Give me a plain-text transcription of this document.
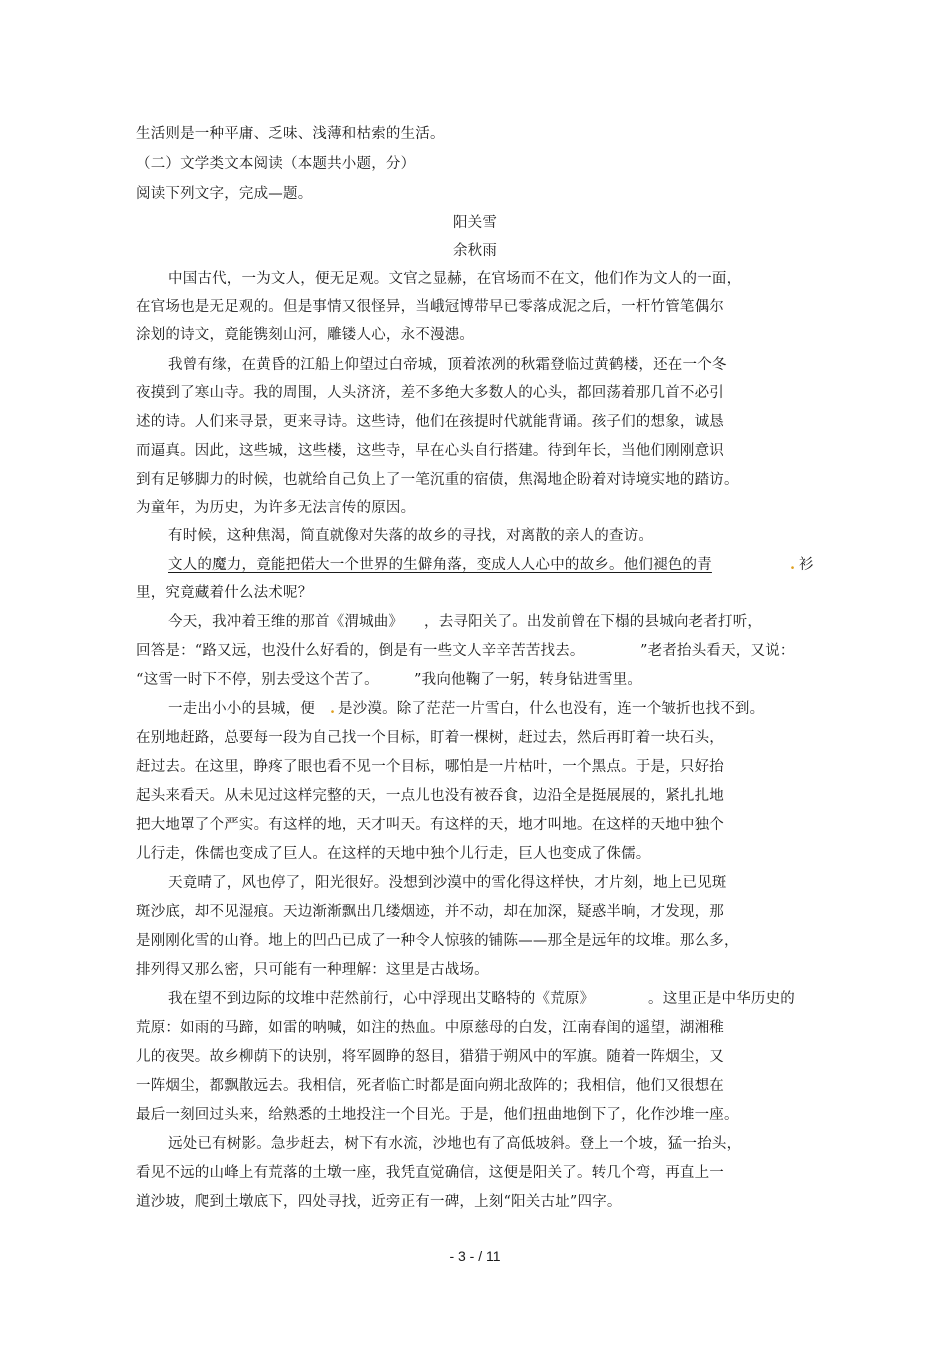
生活则是一种平庸、乏味、浅薄和枯索的生活。
（二）文学类文本阅读（本题共小题，分）
阅读下列文字，完成—题。
阳关雪
余秋雨
中国古代，一为文人，便无足观。文官之显赫，在官场而不在文，他们作为文人的一面，
在官场也是无足观的。但是事情又很怪异，当峨冠博带早已零落成泥之后，一杆竹管笔偶尔
涂划的诗文，竟能镌刻山河，雕镂人心，永不漫漶。
我曾有缘，在黄昏的江船上仰望过白帝城，顶着浓冽的秋霜登临过黄鹤楼，还在一个冬
夜摸到了寒山寺。我的周围，人头济济，差不多绝大多数人的心头，都回荡着那几首不必引
述的诗。人们来寻景，更来寻诗。这些诗，他们在孩提时代就能背诵。孩子们的想象，诚恳
而逼真。因此，这些城，这些楼，这些寺，早在心头自行搭建。待到年长，当他们刚刚意识
到有足够脚力的时候，也就给自己负上了一笔沉重的宿债，焦渴地企盼着对诗境实地的踏访。
为童年，为历史，为许多无法言传的原因。
有时候，这种焦渴，简直就像对失落的故乡的寻找，对离散的亲人的查访。
文人的魔力，竟能把偌大一个世界的生僻角落，变成人人心中的故乡。他们褪色的青	. 衫
里，究竟藏着什么法术呢？
今天，我冲着王维的那首《渭城曲》 ，去寻阳关了。出发前曾在下榻的县城向老者打听，
回答是：“路又远，也没什么好看的，倒是有一些文人辛辛苦苦找去。	”老者抬头看天，又说：
“这雪一时下不停，别去受这个苦了。 ”我向他鞠了一躬，转身钻进雪里。
一走出小小的县城，便 . 是沙漠。除了茫茫一片雪白，什么也没有，连一个皱折也找不到。
在别地赶路，总要每一段为自己找一个目标，盯着一棵树，赶过去，然后再盯着一块石头，
赶过去。在这里，睁疼了眼也看不见一个目标，哪怕是一片枯叶，一个黑点。于是，只好抬
起头来看天。从未见过这样完整的天，一点儿也没有被吞食，边沿全是挺展展的，紧扎扎地
把大地罩了个严实。有这样的地，天才叫天。有这样的天，地才叫地。在这样的天地中独个
儿行走，侏儒也变成了巨人。在这样的天地中独个儿行走，巨人也变成了侏儒。
天竟晴了，风也停了，阳光很好。没想到沙漠中的雪化得这样快，才片刻，地上已见斑
斑沙底，却不见湿痕。天边渐渐飘出几缕烟迹，并不动，却在加深，疑惑半晌，才发现，那
是刚刚化雪的山脊。地上的凹凸已成了一种令人惊骇的铺陈——那全是远年的坟堆。那么多，
排列得又那么密，只可能有一种理解：这里是古战场。
我在望不到边际的坟堆中茫然前行，心中浮现出艾略特的《荒原》	。这里正是中华历史的
荒原：如雨的马蹄，如雷的呐喊，如注的热血。中原慈母的白发，江南春闺的遥望，湖湘稚
儿的夜哭。故乡柳荫下的诀别，将军圆睁的怒目，猎猎于朔风中的军旗。随着一阵烟尘，又
一阵烟尘，都飘散远去。我相信，死者临亡时都是面向朔北敌阵的；我相信，他们又很想在
最后一刻回过头来，给熟悉的土地投注一个目光。于是，他们扭曲地倒下了，化作沙堆一座。
远处已有树影。急步赶去，树下有水流，沙地也有了高低坡斜。登上一个坡，猛一抬头，
看见不远的山峰上有荒落的土墩一座，我凭直觉确信，这便是阳关了。转几个弯，再直上一
道沙坡，爬到土墩底下，四处寻找，近旁正有一碑，上刻“阳关古址”四字。
- 3 - / 11
